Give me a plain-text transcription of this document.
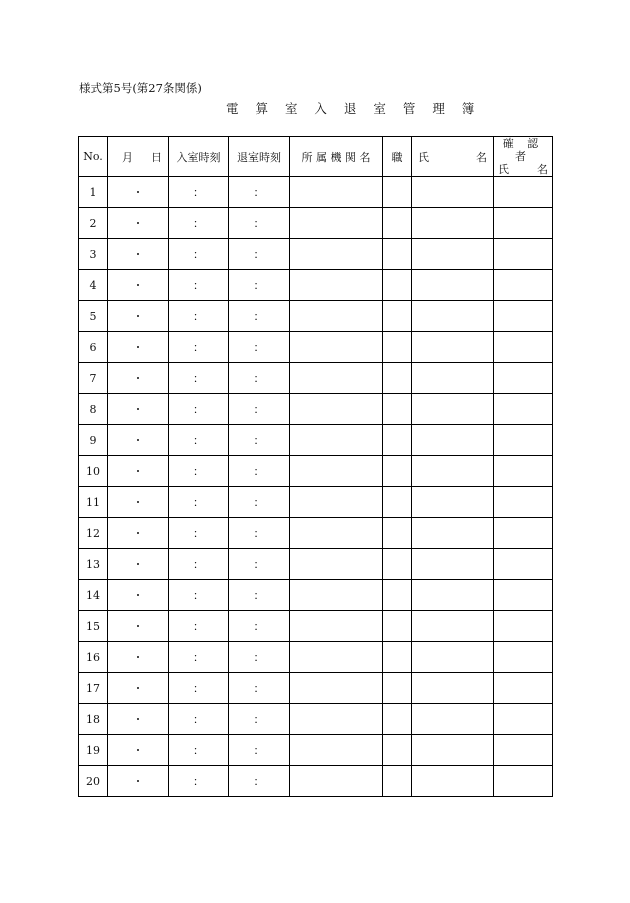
様式第5号(第27条関係)
電 算 室 入 退 室 管 理 簿
No.	月 日	入室時刻	退室時刻	所 属 機 関 名	職	氏 名	確 認 者
氏 名

1	・	：	：				
2	・	：	：				
3	・	：	：				
4	・	：	：				
5	・	：	：				
6	・	：	：				
7	・	：	：				
8	・	：	：				
9	・	：	：				
10	・	：	：				
11	・	：	：				
12	・	：	：				
13	・	：	：				
14	・	：	：				
15	・	：	：				
16	・	：	：				
17	・	：	：				
18	・	：	：				
19	・	：	：				
20	・	：	：				
